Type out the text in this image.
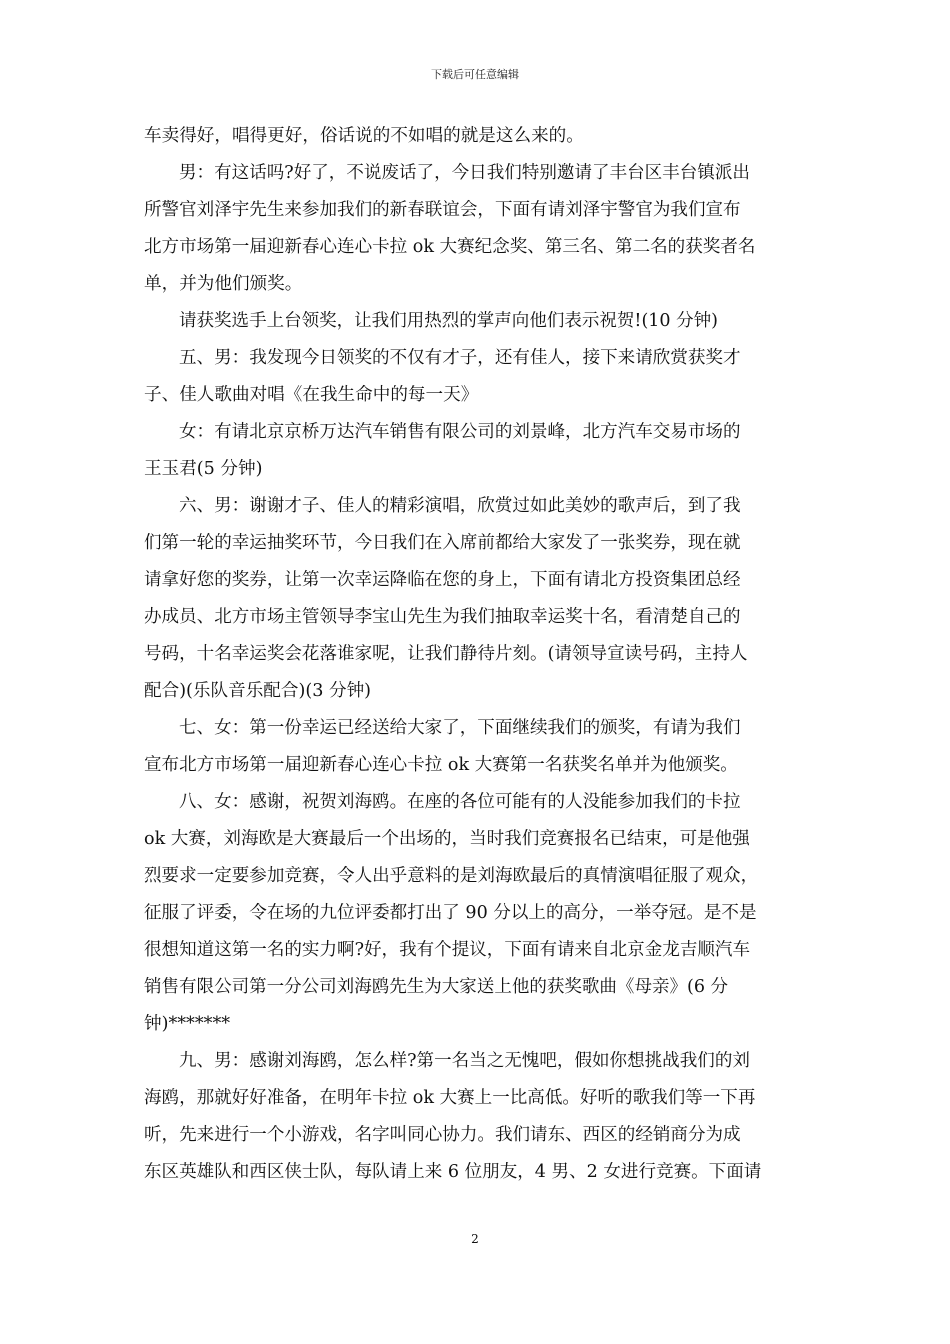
下载后可任意编辑
车卖得好，唱得更好，俗话说的不如唱的就是这么来的。
男：有这话吗?好了，不说废话了，今日我们特别邀请了丰台区丰台镇派出
所警官刘泽宇先生来参加我们的新春联谊会，下面有请刘泽宇警官为我们宣布
北方市场第一届迎新春心连心卡拉 ok 大赛纪念奖、第三名、第二名的获奖者名
单，并为他们颁奖。
请获奖选手上台领奖，让我们用热烈的掌声向他们表示祝贺!(10 分钟)
五、男：我发现今日领奖的不仅有才子，还有佳人，接下来请欣赏获奖才
子、佳人歌曲对唱《在我生命中的每一天》
女：有请北京京桥万达汽车销售有限公司的刘景峰，北方汽车交易市场的
王玉君(5 分钟)
六、男：谢谢才子、佳人的精彩演唱，欣赏过如此美妙的歌声后，到了我
们第一轮的幸运抽奖环节，今日我们在入席前都给大家发了一张奖券，现在就
请拿好您的奖券，让第一次幸运降临在您的身上，下面有请北方投资集团总经
办成员、北方市场主管领导李宝山先生为我们抽取幸运奖十名，看清楚自己的
号码，十名幸运奖会花落谁家呢，让我们静待片刻。(请领导宣读号码，主持人
配合)(乐队音乐配合)(3 分钟)
七、女：第一份幸运已经送给大家了，下面继续我们的颁奖，有请为我们
宣布北方市场第一届迎新春心连心卡拉 ok 大赛第一名获奖名单并为他颁奖。
八、女：感谢，祝贺刘海鸥。在座的各位可能有的人没能参加我们的卡拉
ok 大赛，刘海欧是大赛最后一个出场的，当时我们竞赛报名已结束，可是他强
烈要求一定要参加竞赛，令人出乎意料的是刘海欧最后的真情演唱征服了观众，
征服了评委，令在场的九位评委都打出了 90 分以上的高分，一举夺冠。是不是
很想知道这第一名的实力啊?好，我有个提议，下面有请来自北京金龙吉顺汽车
销售有限公司第一分公司刘海鸥先生为大家送上他的获奖歌曲《母亲》(6 分
钟)*******
九、男：感谢刘海鸥，怎么样?第一名当之无愧吧，假如你想挑战我们的刘
海鸥，那就好好准备，在明年卡拉 ok 大赛上一比高低。好听的歌我们等一下再
听，先来进行一个小游戏，名字叫同心协力。我们请东、西区的经销商分为成
东区英雄队和西区侠士队，每队请上来 6 位朋友，4 男、2 女进行竞赛。下面请
2
